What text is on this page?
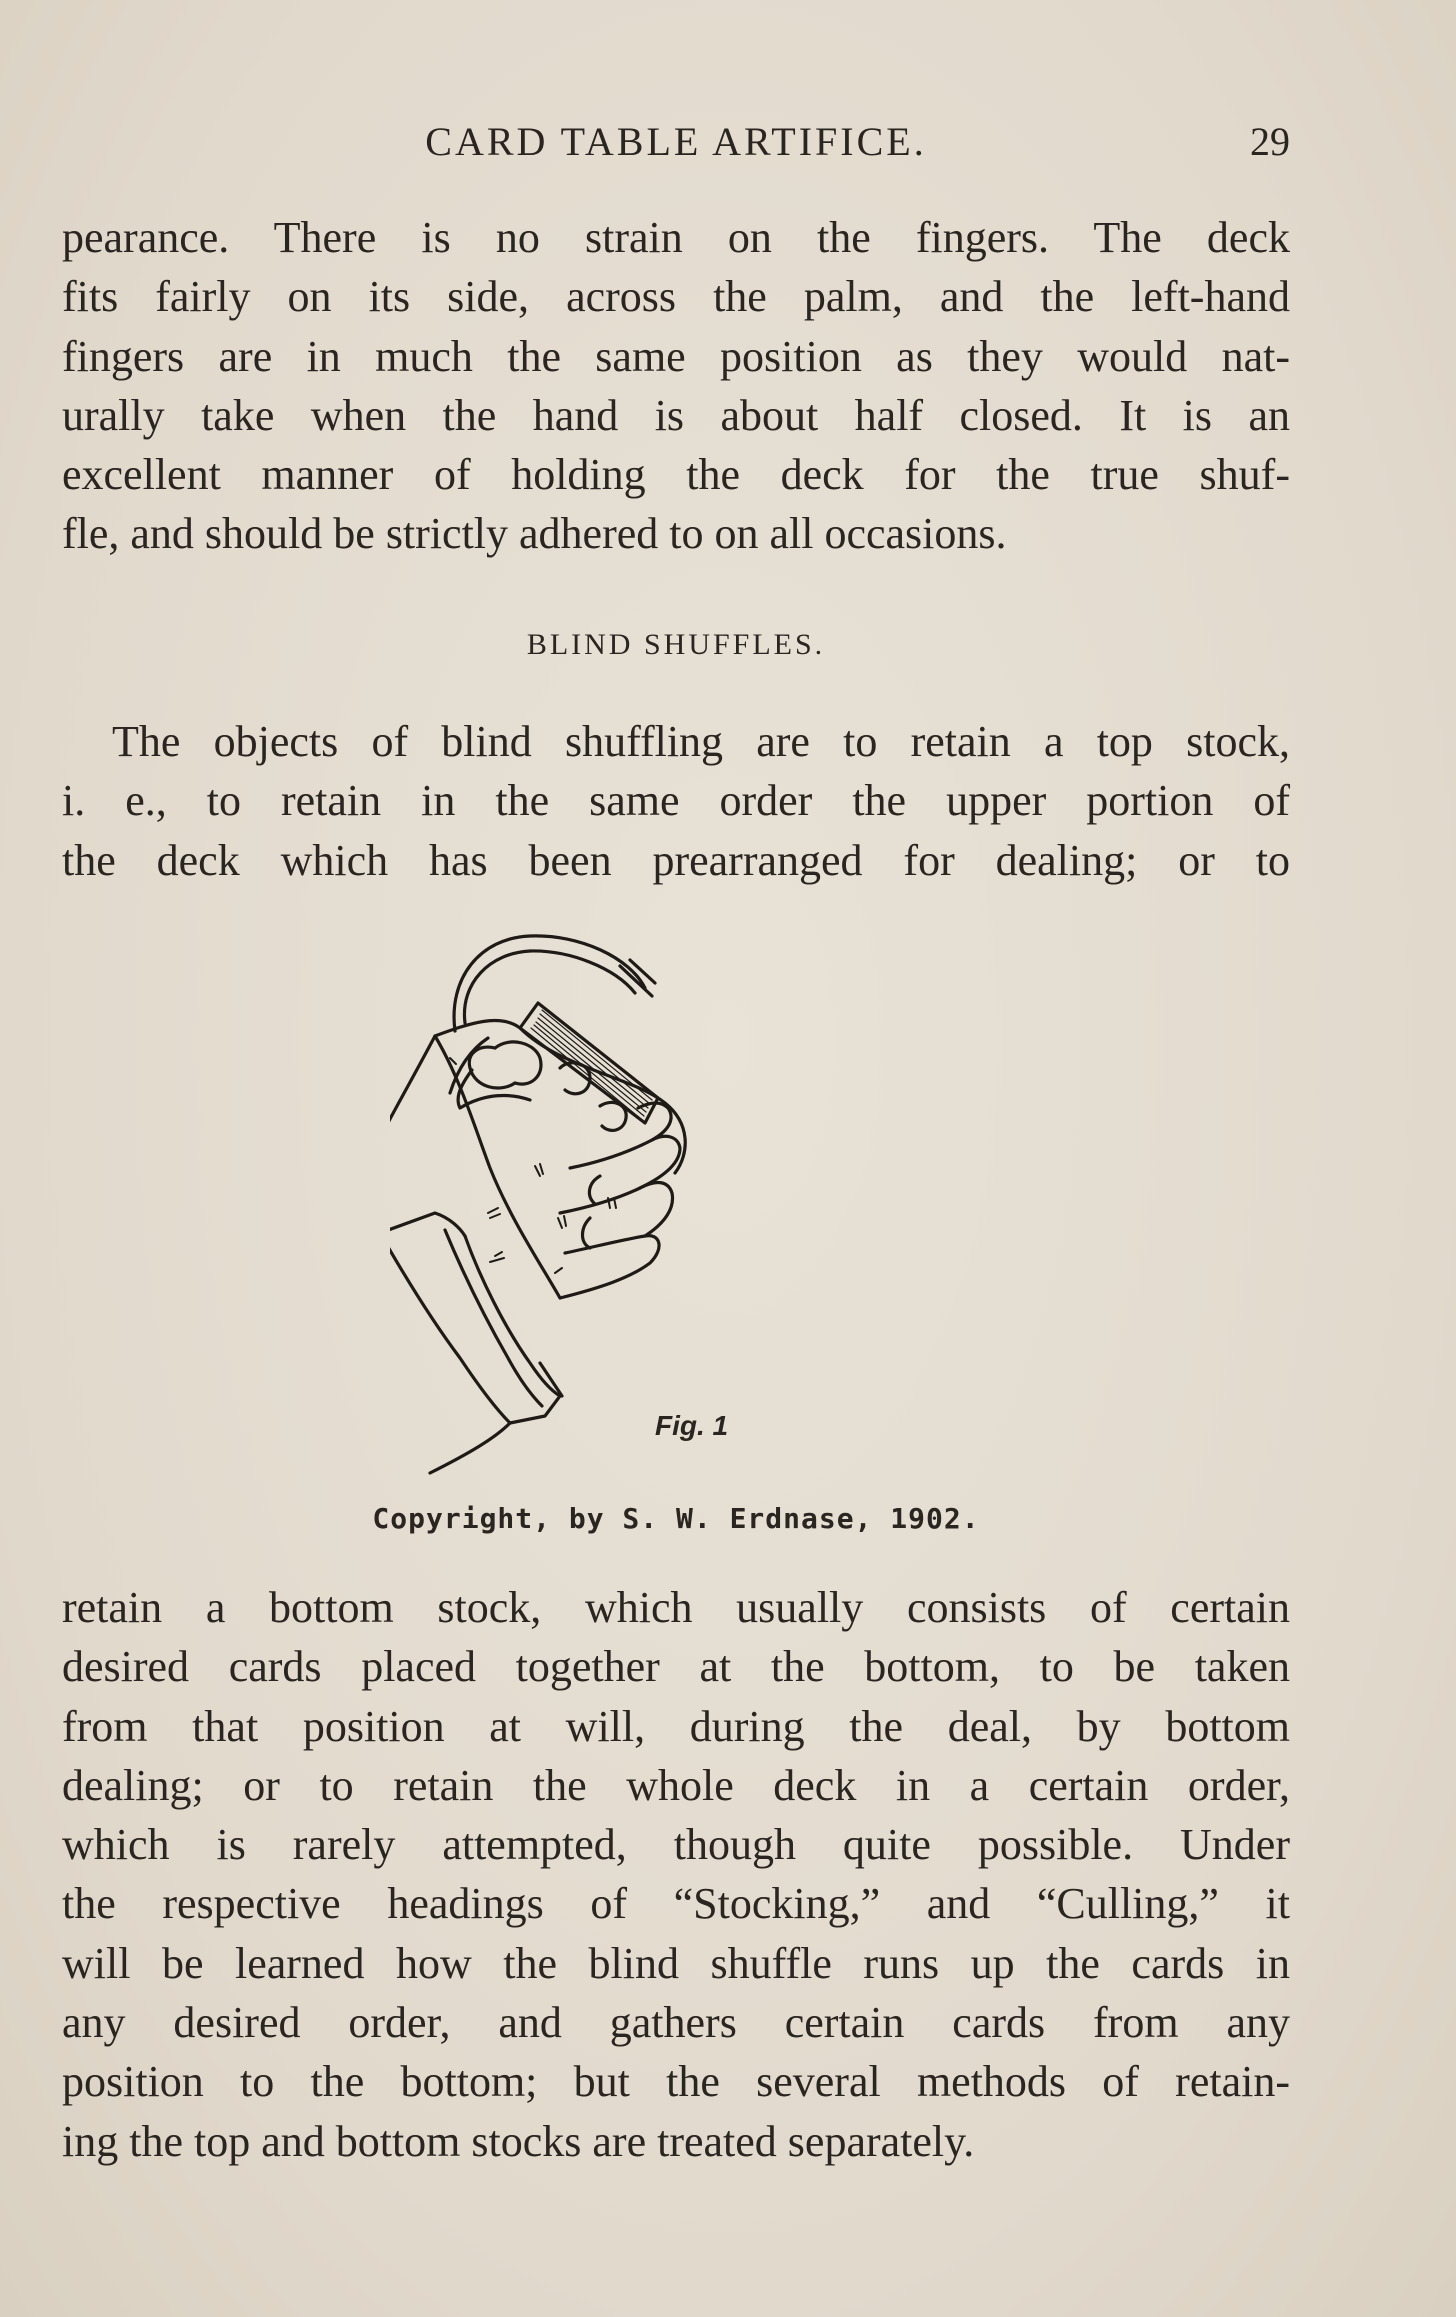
CARD TABLE ARTIFICE.	29
pearance. There is no strain on the fingers. The deck
fits fairly on its side, across the palm, and the left-hand
fingers are in much the same position as they would nat-
urally take when the hand is about half closed. It is an
excellent manner of holding the deck for the true shuf-
fle, and should be strictly adhered to on all occasions.
BLIND SHUFFLES.
The objects of blind shuffling are to retain a top stock,
i. e., to retain in the same order the upper portion of
the deck which has been prearranged for dealing; or to
Fig. 1
Copyright, by S. W. Erdnase, 1902.
retain a bottom stock, which usually consists of certain
desired cards placed together at the bottom, to be taken
from that position at will, during the deal, by bottom
dealing; or to retain the whole deck in a certain order,
which is rarely attempted, though quite possible. Under
the respective headings of “Stocking,” and “Culling,” it
will be learned how the blind shuffle runs up the cards in
any desired order, and gathers certain cards from any
position to the bottom; but the several methods of retain-
ing the top and bottom stocks are treated separately.
